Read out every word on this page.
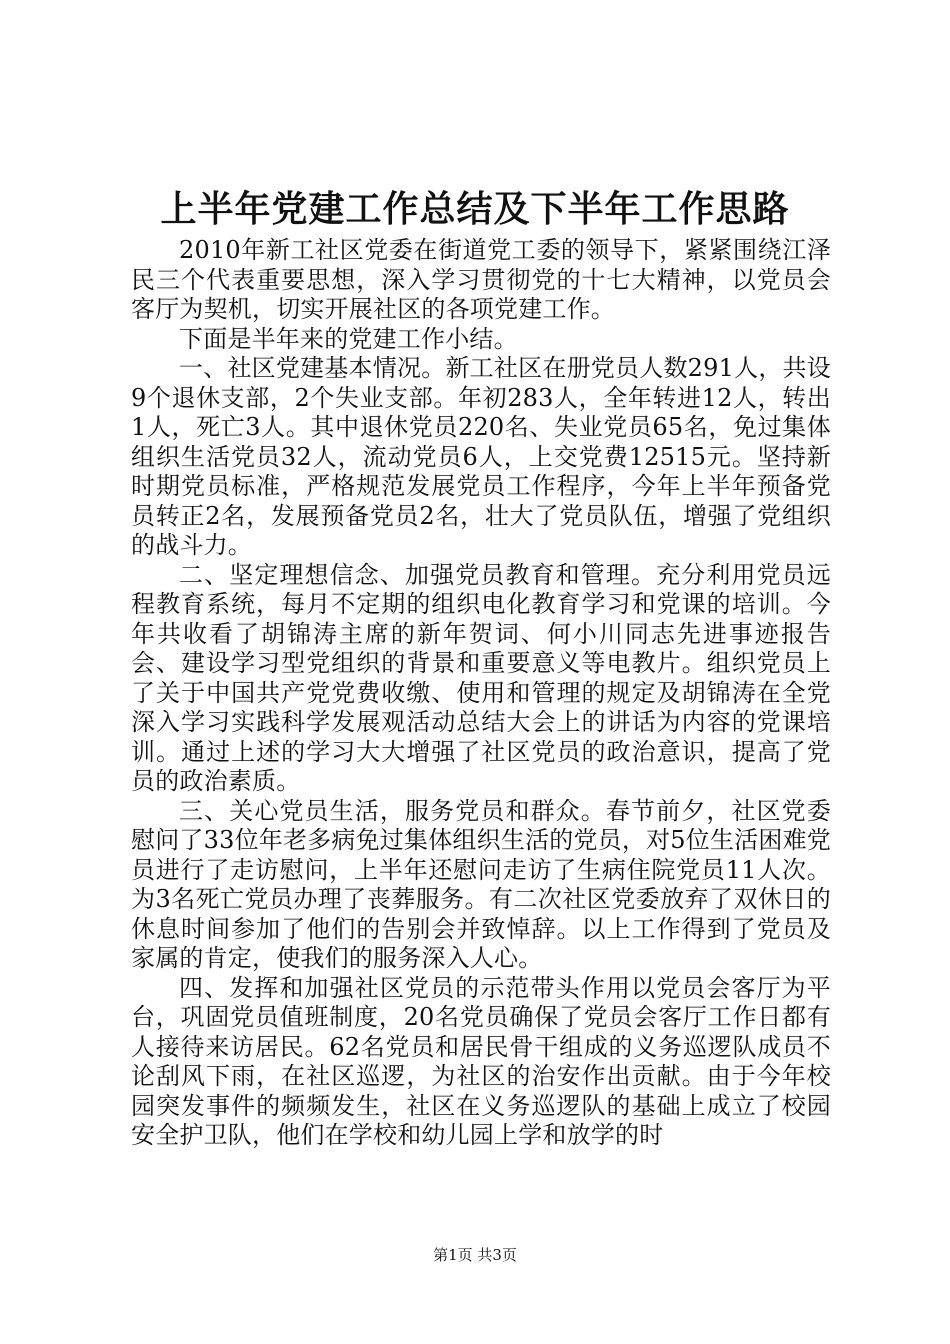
上半年党建工作总结及下半年工作思路

2010年新工社区党委在街道党工委的领导下，紧紧围绕江泽民三个代表重要思想，深入学习贯彻党的十七大精神，以党员会客厅为契机，切实开展社区的各项党建工作。

下面是半年来的党建工作小结。

一、社区党建基本情况。新工社区在册党员人数291人，共设9个退休支部，2个失业支部。年初283人，全年转进12人，转出1人，死亡3人。其中退休党员220名、失业党员65名，免过集体组织生活党员32人，流动党员6人，上交党费12515元。坚持新时期党员标准，严格规范发展党员工作程序，今年上半年预备党员转正2名，发展预备党员2名，壮大了党员队伍，增强了党组织的战斗力。

二、坚定理想信念、加强党员教育和管理。充分利用党员远程教育系统，每月不定期的组织电化教育学习和党课的培训。今年共收看了胡锦涛主席的新年贺词、何小川同志先进事迹报告会、建设学习型党组织的背景和重要意义等电教片。组织党员上了关于中国共产党党费收缴、使用和管理的规定及胡锦涛在全党深入学习实践科学发展观活动总结大会上的讲话为内容的党课培训。通过上述的学习大大增强了社区党员的政治意识，提高了党员的政治素质。

三、关心党员生活，服务党员和群众。春节前夕，社区党委慰问了33位年老多病免过集体组织生活的党员，对5位生活困难党员进行了走访慰问，上半年还慰问走访了生病住院党员11人次。为3名死亡党员办理了丧葬服务。有二次社区党委放弃了双休日的休息时间参加了他们的告别会并致悼辞。以上工作得到了党员及家属的肯定，使我们的服务深入人心。

四、发挥和加强社区党员的示范带头作用以党员会客厅为平台，巩固党员值班制度，20名党员确保了党员会客厅工作日都有人接待来访居民。62名党员和居民骨干组成的义务巡逻队成员不论刮风下雨，在社区巡逻，为社区的治安作出贡献。由于今年校园突发事件的频频发生，社区在义务巡逻队的基础上成立了校园安全护卫队，他们在学校和幼儿园上学和放学的时

第1页 共3页
